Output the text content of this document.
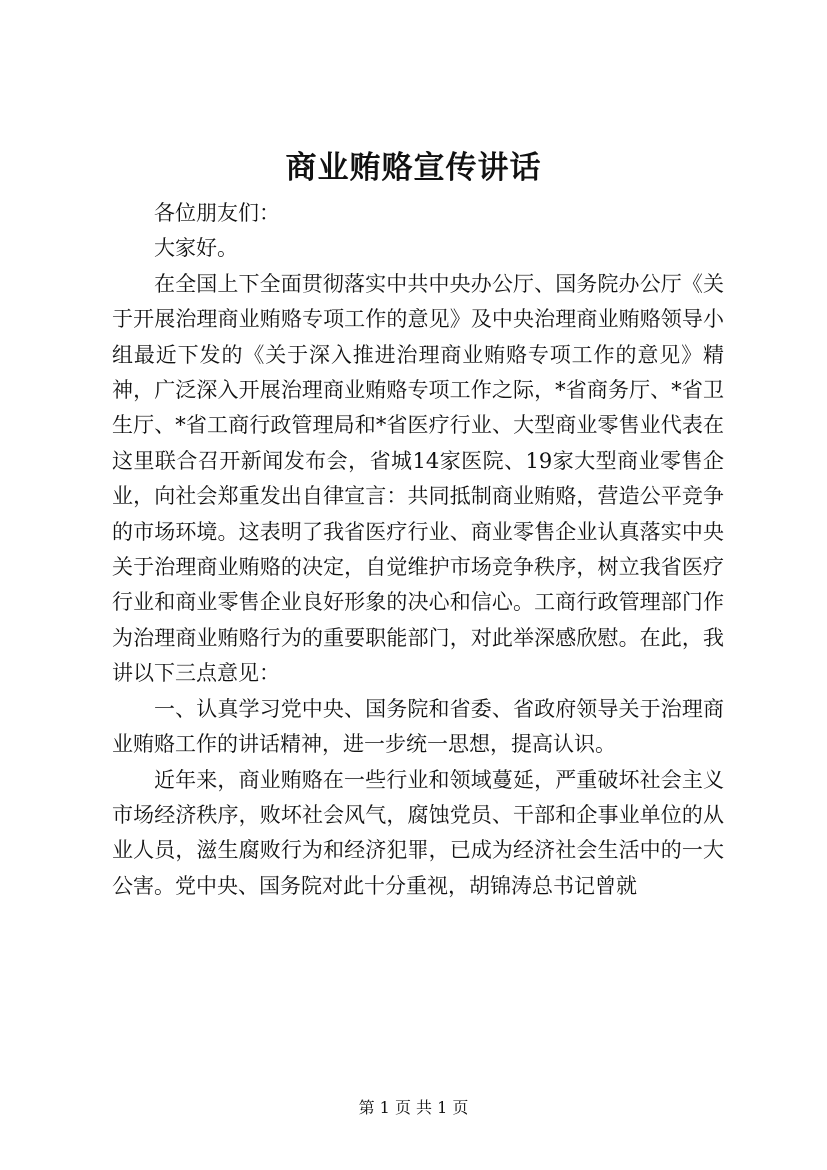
商业贿赂宣传讲话

各位朋友们：

大家好。

在全国上下全面贯彻落实中共中央办公厅、国务院办公厅《关于开展治理商业贿赂专项工作的意见》及中央治理商业贿赂领导小组最近下发的《关于深入推进治理商业贿赂专项工作的意见》精神，广泛深入开展治理商业贿赂专项工作之际，*省商务厅、*省卫生厅、*省工商行政管理局和*省医疗行业、大型商业零售业代表在这里联合召开新闻发布会，省城14家医院、19家大型商业零售企业，向社会郑重发出自律宣言：共同抵制商业贿赂，营造公平竞争的市场环境。这表明了我省医疗行业、商业零售企业认真落实中央关于治理商业贿赂的决定，自觉维护市场竞争秩序，树立我省医疗行业和商业零售企业良好形象的决心和信心。工商行政管理部门作为治理商业贿赂行为的重要职能部门，对此举深感欣慰。在此，我讲以下三点意见：

一、认真学习党中央、国务院和省委、省政府领导关于治理商业贿赂工作的讲话精神，进一步统一思想，提高认识。

近年来，商业贿赂在一些行业和领域蔓延，严重破坏社会主义市场经济秩序，败坏社会风气，腐蚀党员、干部和企事业单位的从业人员，滋生腐败行为和经济犯罪，已成为经济社会生活中的一大公害。党中央、国务院对此十分重视，胡锦涛总书记曾就

第 1 页 共 1 页
